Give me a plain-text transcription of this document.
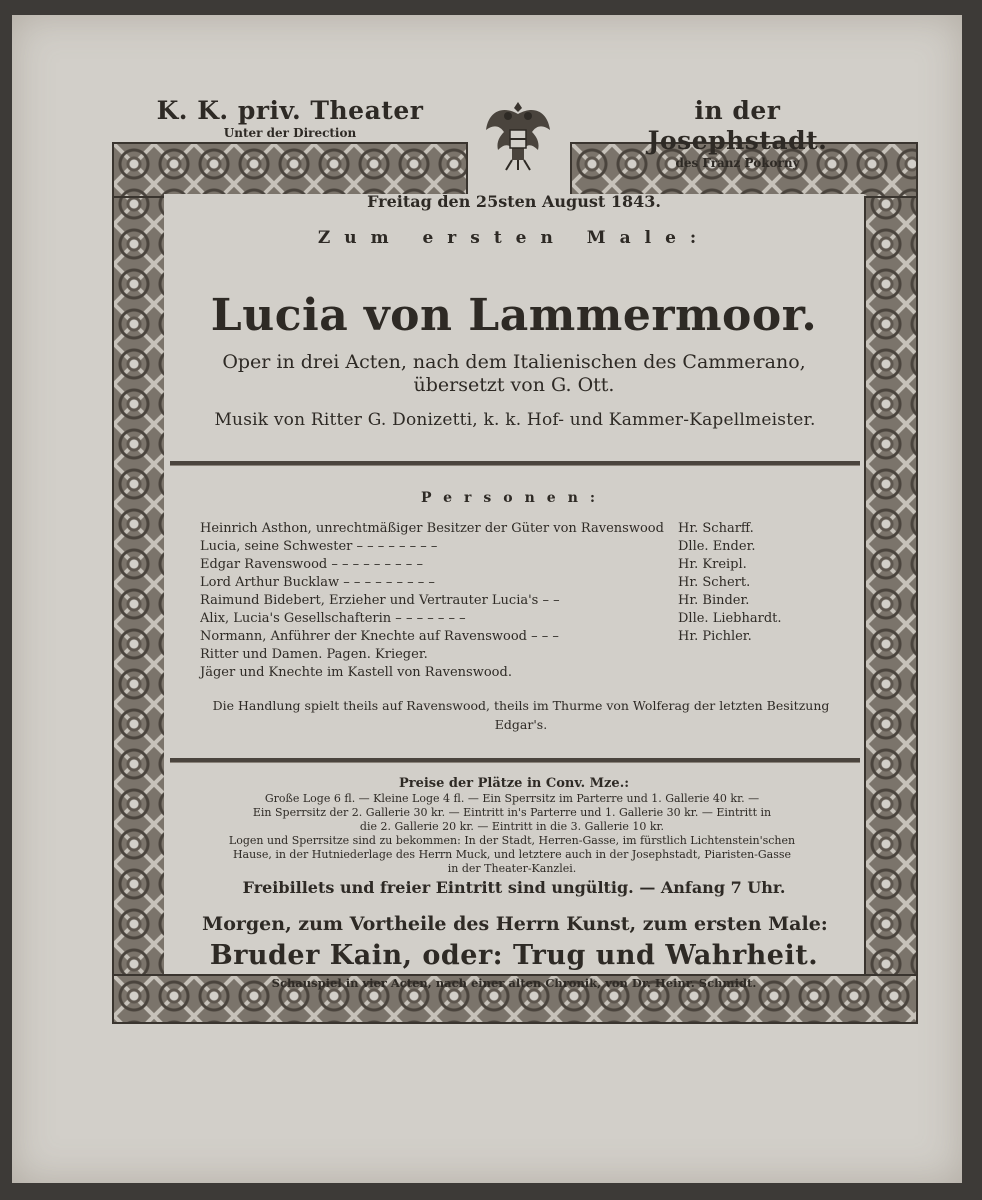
K. K. priv. Theater
Unter der Direction
in der Josephstadt.
des Franz Pokorny
Freitag den 25sten August 1843.
Zum ersten Male:
Lucia von Lammermoor.
Oper in drei Acten, nach dem Italienischen des Cammerano,
übersetzt von G. Ott.
Musik von Ritter G. Donizetti, k. k. Hof- und Kammer-Kapellmeister.
Personen:
Heinrich Asthon, unrechtmäßiger Besitzer der Güter von Ravenswood	Hr. Scharff.
Lucia, seine Schwester – – – – – – – –	Dlle. Ender.
Edgar Ravenswood – – – – – – – – –	Hr. Kreipl.
Lord Arthur Bucklaw – – – – – – – – –	Hr. Schert.
Raimund Bidebert, Erzieher und Vertrauter Lucia's – –	Hr. Binder.
Alix, Lucia's Gesellschafterin – – – – – – –	Dlle. Liebhardt.
Normann, Anführer der Knechte auf Ravenswood – – –	Hr. Pichler.
Ritter und Damen. Pagen. Krieger.
Jäger und Knechte im Kastell von Ravenswood.
Die Handlung spielt theils auf Ravenswood, theils im Thurme von Wolferag der letzten Besitzung Edgar's.
Preise der Plätze in Conv. Mze.:
Große Loge 6 fl. — Kleine Loge 4 fl. — Ein Sperrsitz im Parterre und 1. Gallerie 40 kr. —
Ein Sperrsitz der 2. Gallerie 30 kr. — Eintritt in's Parterre und 1. Gallerie 30 kr. — Eintritt in
die 2. Gallerie 20 kr. — Eintritt in die 3. Gallerie 10 kr.
Logen und Sperrsitze sind zu bekommen: In der Stadt, Herren-Gasse, im fürstlich Lichtenstein'schen
Hause, in der Hutniederlage des Herrn Muck, und letztere auch in der Josephstadt, Piaristen-Gasse
in der Theater-Kanzlei.
Freibillets und freier Eintritt sind ungültig. — Anfang 7 Uhr.
Morgen, zum Vortheile des Herrn Kunst, zum ersten Male:
Bruder Kain, oder: Trug und Wahrheit.
Schauspiel in vier Acten, nach einer alten Chronik, von Dr. Heinr. Schmidt.
